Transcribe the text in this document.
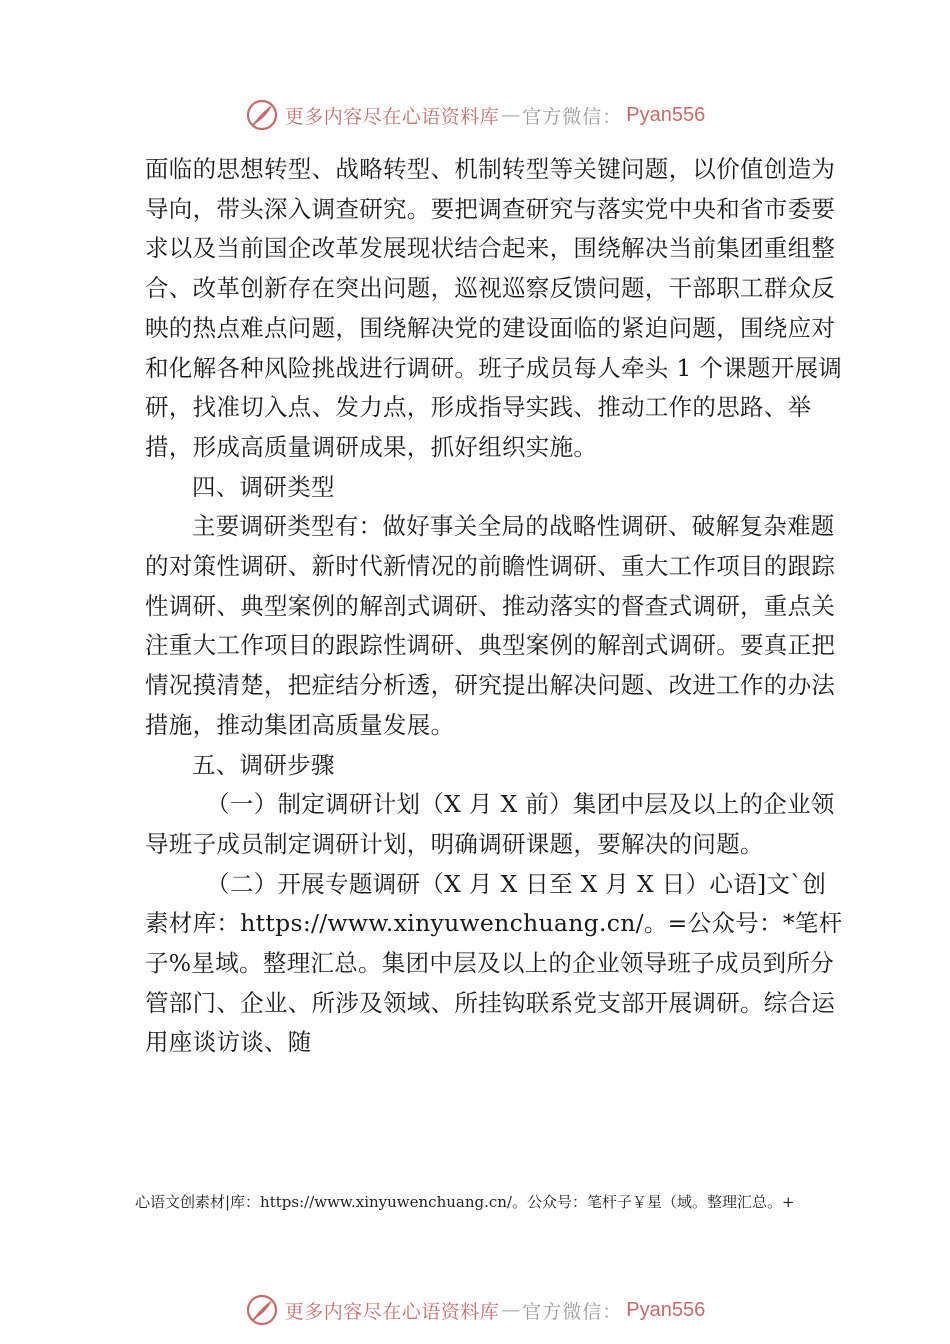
更多内容尽在心语资料库 — 官方微信： Pyan556

面临的思想转型、战略转型、机制转型等关键问题，以价值创造为导向，带头深入调查研究。要把调查研究与落实党中央和省市委要求以及当前国企改革发展现状结合起来，围绕解决当前集团重组整合、改革创新存在突出问题，巡视巡察反馈问题，干部职工群众反映的热点难点问题，围绕解决党的建设面临的紧迫问题，围绕应对和化解各种风险挑战进行调研。班子成员每人牵头 1 个课题开展调研，找准切入点、发力点，形成指导实践、推动工作的思路、举措，形成高质量调研成果，抓好组织实施。

四、调研类型

主要调研类型有：做好事关全局的战略性调研、破解复杂难题的对策性调研、新时代新情况的前瞻性调研、重大工作项目的跟踪性调研、典型案例的解剖式调研、推动落实的督查式调研，重点关注重大工作项目的跟踪性调研、典型案例的解剖式调研。要真正把情况摸清楚，把症结分析透，研究提出解决问题、改进工作的办法措施，推动集团高质量发展。

五、调研步骤

（一）制定调研计划（X 月 X 前）集团中层及以上的企业领导班子成员制定调研计划，明确调研课题，要解决的问题。

（二）开展专题调研（X 月 X 日至 X 月 X 日）心语]文`创素材库：https://www.xinyuwenchuang.cn/。=公众号：*笔杆子%星域。整理汇总。集团中层及以上的企业领导班子成员到所分管部门、企业、所涉及领域、所挂钩联系党支部开展调研。综合运用座谈访谈、随

心语文创素材|库：https://www.xinyuwenchuang.cn/。公众号：笔杆子￥星（域。整理汇总。+
更多内容尽在心语资料库 — 官方微信： Pyan556
